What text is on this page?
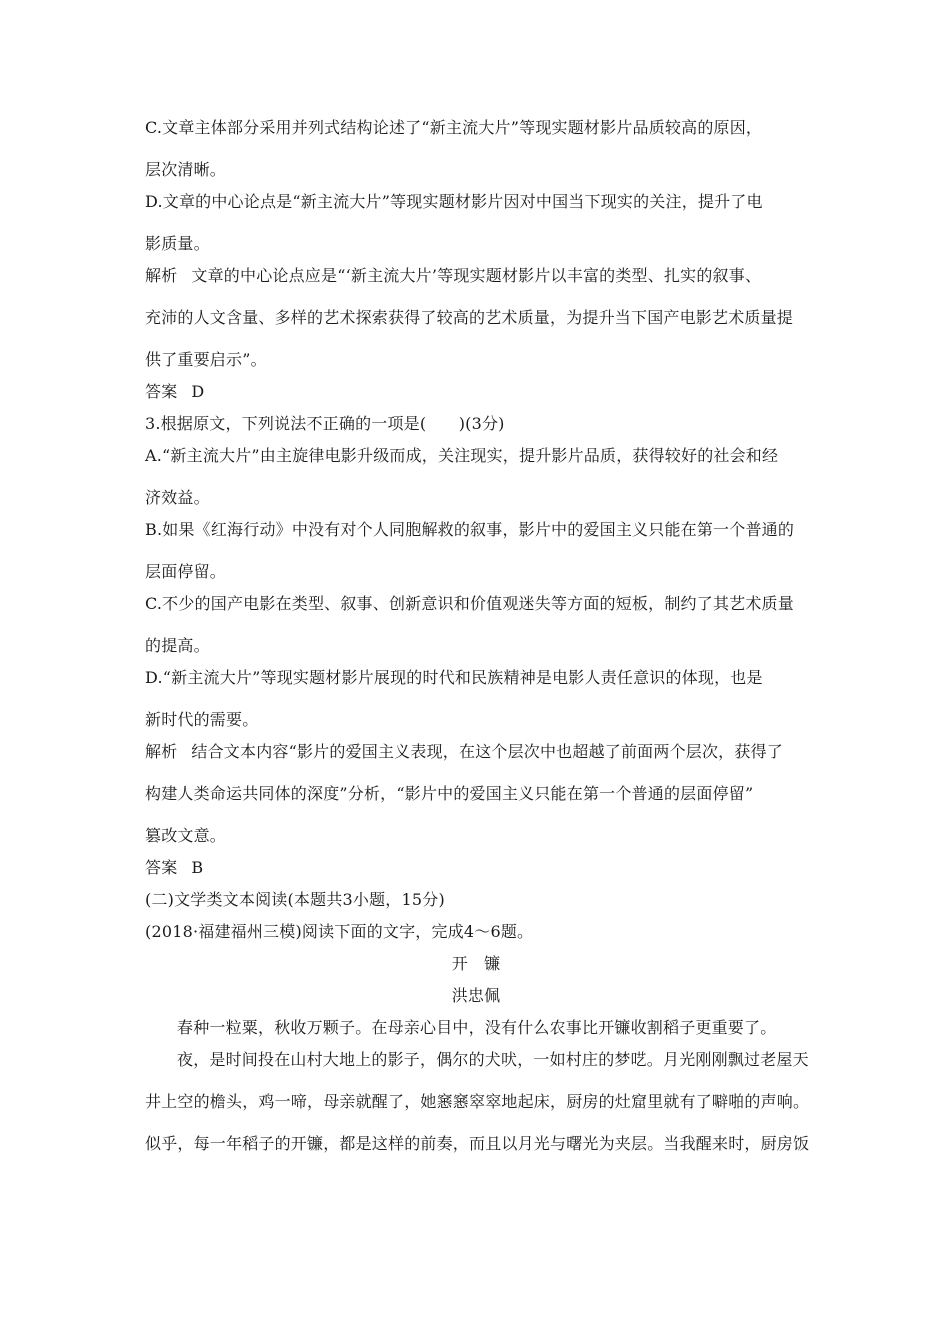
C.文章主体部分采用并列式结构论述了“新主流大片”等现实题材影片品质较高的原因，

层次清晰。

D.文章的中心论点是“新主流大片”等现实题材影片因对中国当下现实的关注，提升了电

影质量。

解析 文章的中心论点应是“‘新主流大片’等现实题材影片以丰富的类型、扎实的叙事、

充沛的人文含量、多样的艺术探索获得了较高的艺术质量，为提升当下国产电影艺术质量提

供了重要启示”。

答案 D

3.根据原文，下列说法不正确的一项是(　　)(3分)

A.“新主流大片”由主旋律电影升级而成，关注现实，提升影片品质，获得较好的社会和经

济效益。

B.如果《红海行动》中没有对个人同胞解救的叙事，影片中的爱国主义只能在第一个普通的

层面停留。

C.不少的国产电影在类型、叙事、创新意识和价值观迷失等方面的短板，制约了其艺术质量

的提高。

D.“新主流大片”等现实题材影片展现的时代和民族精神是电影人责任意识的体现，也是

新时代的需要。

解析 结合文本内容“影片的爱国主义表现，在这个层次中也超越了前面两个层次，获得了

构建人类命运共同体的深度”分析，“影片中的爱国主义只能在第一个普通的层面停留”

篡改文意。

答案 B

(二)文学类文本阅读(本题共3小题，15分)

(2018·福建福州三模)阅读下面的文字，完成4～6题。

开　镰

洪忠佩

春种一粒粟，秋收万颗子。在母亲心目中，没有什么农事比开镰收割稻子更重要了。

夜，是时间投在山村大地上的影子，偶尔的犬吠，一如村庄的梦呓。月光刚刚飘过老屋天

井上空的檐头，鸡一啼，母亲就醒了，她窸窸窣窣地起床，厨房的灶窟里就有了噼啪的声响。

似乎，每一年稻子的开镰，都是这样的前奏，而且以月光与曙光为夹层。当我醒来时，厨房饭
